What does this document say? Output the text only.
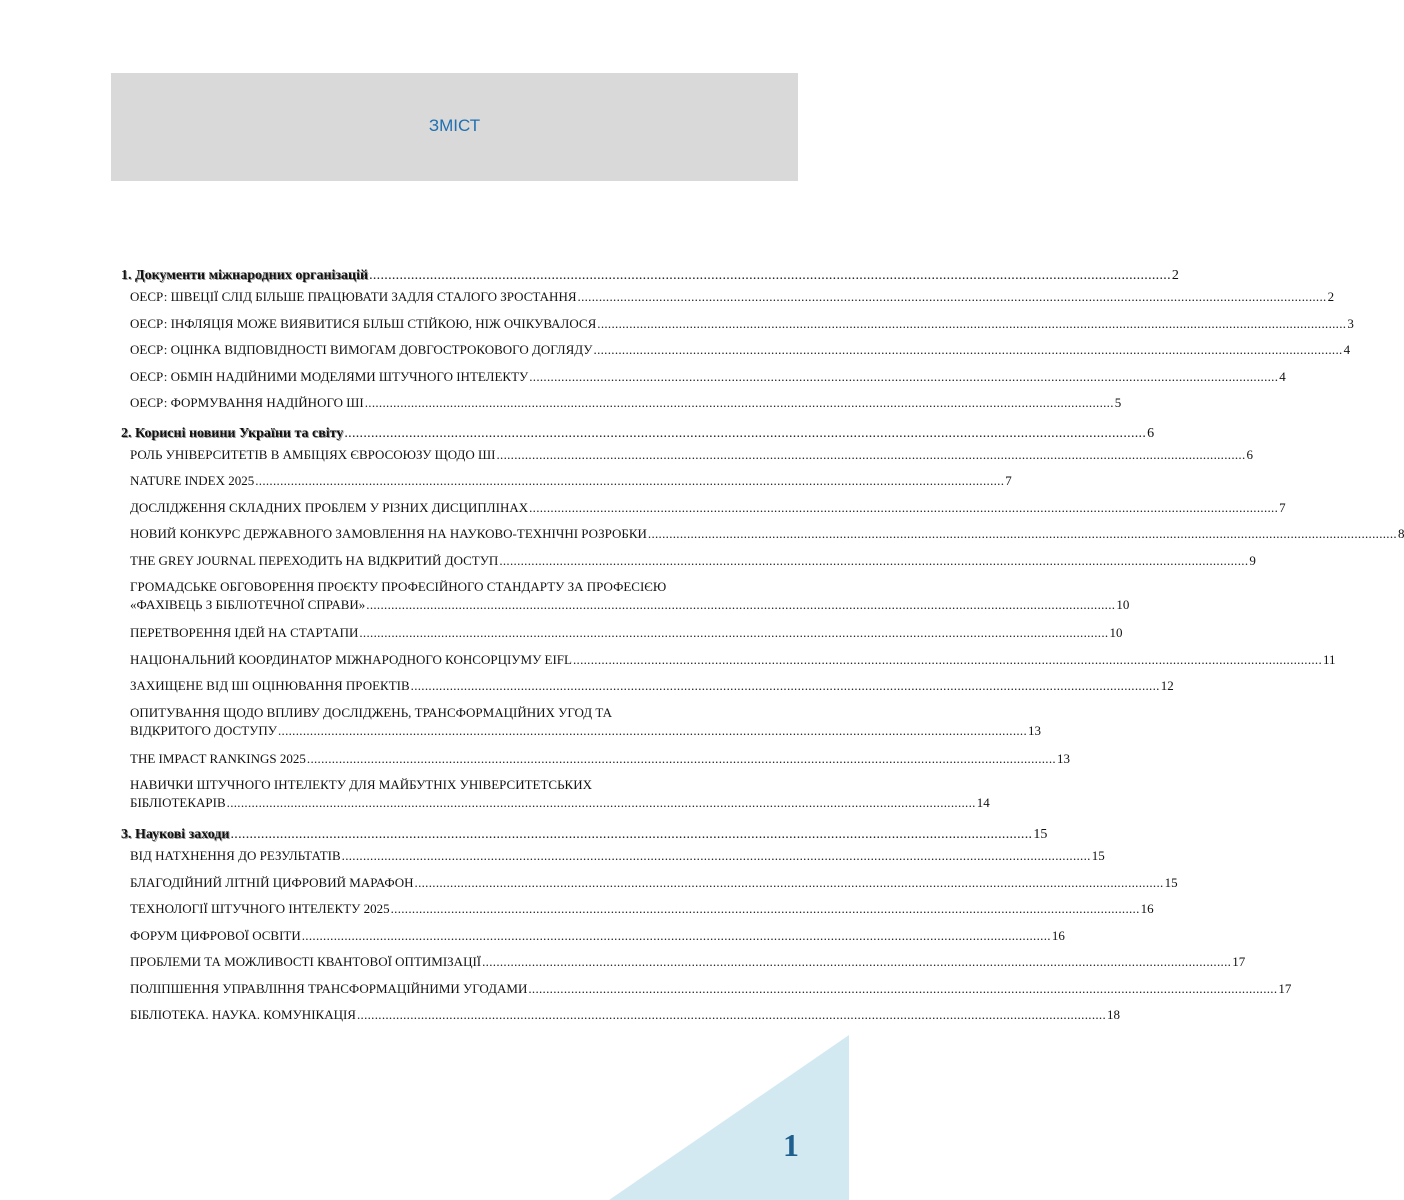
ЗМІСТ
1. Документи міжнародних організацій ................................................................................................................................................................................................................... 2
ОЕСР: ШВЕЦІЇ СЛІД БІЛЬШЕ ПРАЦЮВАТИ ЗАДЛЯ СТАЛОГО ЗРОСТАННЯ ................................................................................................................................................................................................................... 2
ОЕСР: ІНФЛЯЦІЯ МОЖЕ ВИЯВИТИСЯ БІЛЬШ СТІЙКОЮ, НІЖ ОЧІКУВАЛОСЯ ................................................................................................................................................................................................................... 3
ОЕСР: ОЦІНКА ВІДПОВІДНОСТІ ВИМОГАМ ДОВГОСТРОКОВОГО ДОГЛЯДУ ................................................................................................................................................................................................................... 4
ОЕСР: ОБМІН НАДІЙНИМИ МОДЕЛЯМИ ШТУЧНОГО ІНТЕЛЕКТУ ................................................................................................................................................................................................................... 4
ОЕСР: ФОРМУВАННЯ НАДІЙНОГО ШІ ................................................................................................................................................................................................................... 5
2. Корисні новини України та світу ................................................................................................................................................................................................................... 6
РОЛЬ УНІВЕРСИТЕТІВ В АМБІЦІЯХ ЄВРОСОЮЗУ ЩОДО ШІ ................................................................................................................................................................................................................... 6
NATURE INDEX 2025 ................................................................................................................................................................................................................... 7
ДОСЛІДЖЕННЯ СКЛАДНИХ ПРОБЛЕМ У РІЗНИХ ДИСЦИПЛІНАХ ................................................................................................................................................................................................................... 7
НОВИЙ КОНКУРС ДЕРЖАВНОГО ЗАМОВЛЕННЯ НА НАУКОВО-ТЕХНІЧНІ РОЗРОБКИ ................................................................................................................................................................................................................... 8
THE GREY JOURNAL ПЕРЕХОДИТЬ НА ВІДКРИТИЙ ДОСТУП ................................................................................................................................................................................................................... 9
ГРОМАДСЬКЕ ОБГОВОРЕННЯ ПРОЄКТУ ПРОФЕСІЙНОГО СТАНДАРТУ ЗА ПРОФЕСІЄЮ
«ФАХІВЕЦЬ З БІБЛІОТЕЧНОЇ СПРАВИ» ................................................................................................................................................................................................................... 10
ПЕРЕТВОРЕННЯ ІДЕЙ НА СТАРТАПИ ................................................................................................................................................................................................................... 10
НАЦІОНАЛЬНИЙ КООРДИНАТОР МІЖНАРОДНОГО КОНСОРЦІУМУ EIFL ................................................................................................................................................................................................................... 11
ЗАХИЩЕНЕ ВІД ШІ ОЦІНЮВАННЯ ПРОЕКТІВ ................................................................................................................................................................................................................... 12
ОПИТУВАННЯ ЩОДО ВПЛИВУ ДОСЛІДЖЕНЬ, ТРАНСФОРМАЦІЙНИХ УГОД ТА
ВІДКРИТОГО ДОСТУПУ ................................................................................................................................................................................................................... 13
THE IMPACT RANKINGS 2025 ................................................................................................................................................................................................................... 13
НАВИЧКИ ШТУЧНОГО ІНТЕЛЕКТУ ДЛЯ МАЙБУТНІХ УНІВЕРСИТЕТСЬКИХ
БІБЛІОТЕКАРІВ ................................................................................................................................................................................................................... 14
3. Наукові заходи ................................................................................................................................................................................................................... 15
ВІД НАТХНЕННЯ ДО РЕЗУЛЬТАТІВ ................................................................................................................................................................................................................... 15
БЛАГОДІЙНИЙ ЛІТНІЙ ЦИФРОВИЙ МАРАФОН ................................................................................................................................................................................................................... 15
ТЕХНОЛОГІЇ ШТУЧНОГО ІНТЕЛЕКТУ 2025 ................................................................................................................................................................................................................... 16
ФОРУМ ЦИФРОВОЇ ОСВІТИ ................................................................................................................................................................................................................... 16
ПРОБЛЕМИ ТА МОЖЛИВОСТІ КВАНТОВОЇ ОПТИМІЗАЦІЇ ................................................................................................................................................................................................................... 17
ПОЛІПШЕННЯ УПРАВЛІННЯ ТРАНСФОРМАЦІЙНИМИ УГОДАМИ ................................................................................................................................................................................................................... 17
БІБЛІОТЕКА. НАУКА. КОМУНІКАЦІЯ ................................................................................................................................................................................................................... 18
1
